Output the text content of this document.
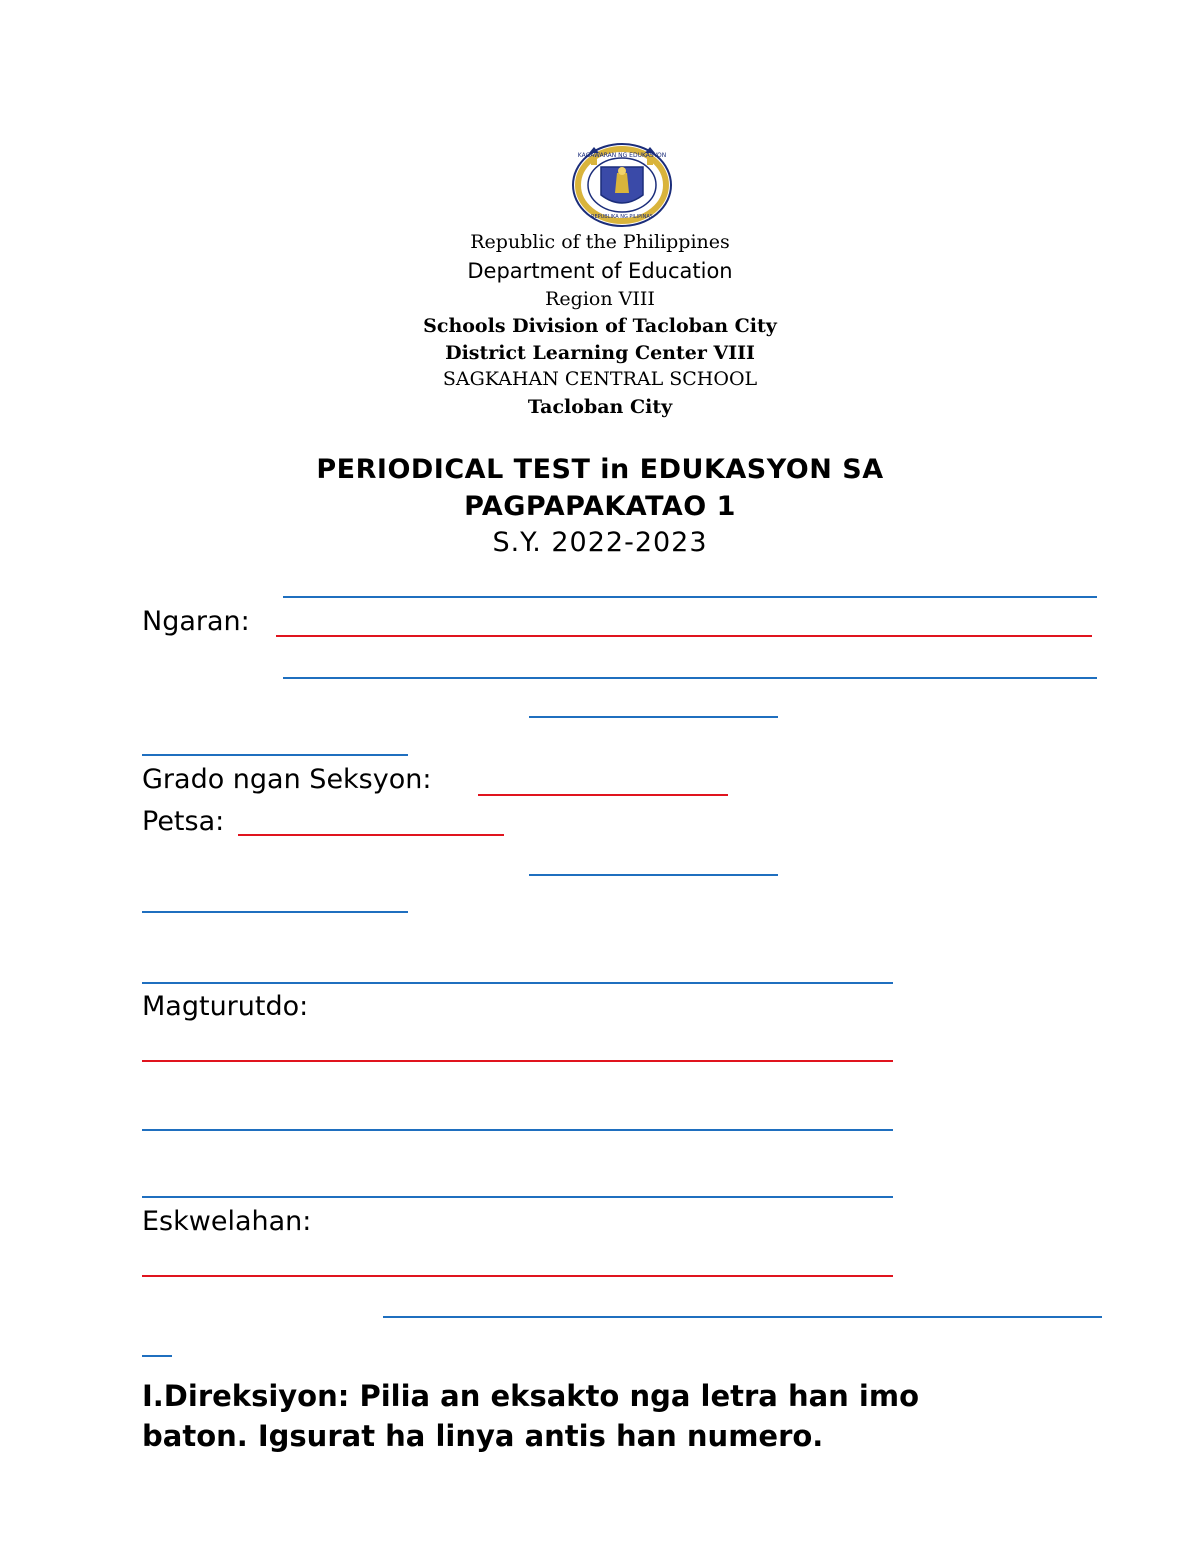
KAGAWARAN NG EDUKASYON
REPUBLIKA NG PILIPINAS
Republic of the Philippines
Department of Education
Region VIII
Schools Division of Tacloban City
District Learning Center VIII
SAGKAHAN CENTRAL SCHOOL
Tacloban City
PERIODICAL TEST in EDUKASYON SA
PAGPAPAKATAO 1
S.Y. 2022-2023
Ngaran:
Grado ngan Seksyon:
Petsa:
Magturutdo:
Eskwelahan:
I.Direksiyon: Pilia an eksakto nga letra han imo
baton. Igsurat ha linya antis han numero.
